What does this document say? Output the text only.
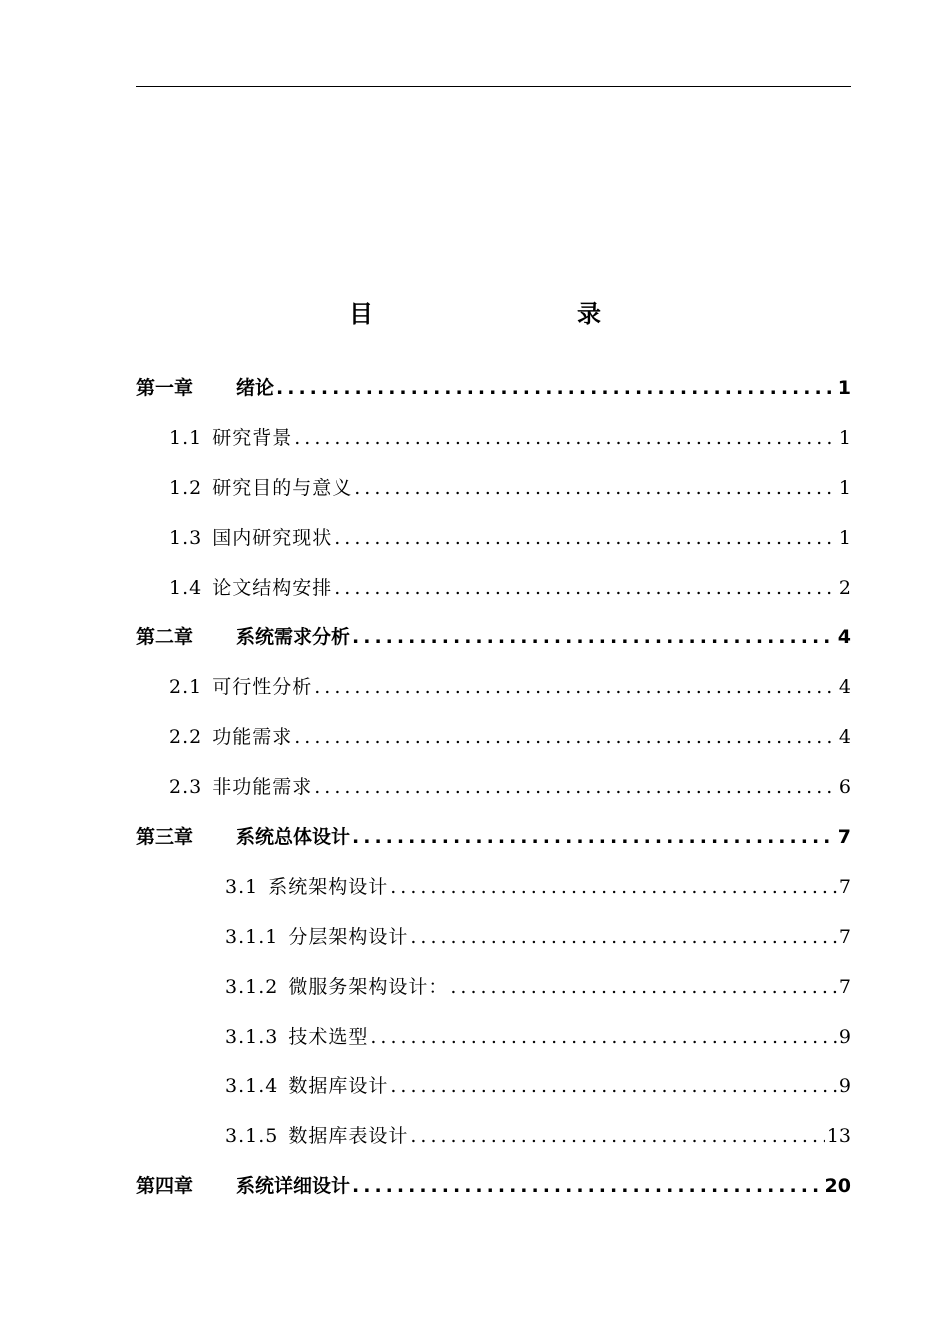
目　　录
第一章	绪论 .....	1
1.1 研究背景 .....	1
1.2 研究目的与意义 .....	1
1.3 国内研究现状 .....	1
1.4 论文结构安排 .....	2
第二章	系统需求分析 .....	4
2.1 可行性分析 .....	4
2.2 功能需求 .....	4
2.3 非功能需求 .....	6
第三章	系统总体设计 .....	7
3.1 系统架构设计 .....	7
3.1.1 分层架构设计 .....	7
3.1.2 微服务架构设计： .....	7
3.1.3 技术选型 .....	9
3.1.4 数据库设计 .....	9
3.1.5 数据库表设计 .....	13
第四章	系统详细设计 .....	20
